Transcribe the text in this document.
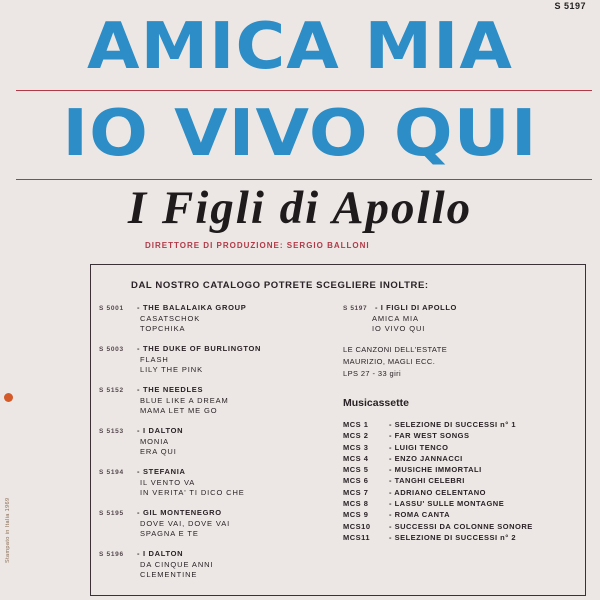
S 5197
AMICA MIA
IO VIVO QUI
I Figli di Apollo
DIRETTORE DI PRODUZIONE: SERGIO BALLONI
Stampato in Italia 1969
DAL NOSTRO CATALOGO POTRETE SCEGLIERE INOLTRE:
S 5001 - THE BALALAIKA GROUP
CASATSCHOK
TOPCHIKA
S 5003 - THE DUKE OF BURLINGTON
FLASH
LILY THE PINK
S 5152 - THE NEEDLES
BLUE LIKE A DREAM
MAMA LET ME GO
S 5153 - I DALTON
MONIA
ERA QUI
S 5194 - STEFANIA
IL VENTO VA
IN VERITA' TI DICO CHE
S 5195 - GIL MONTENEGRO
DOVE VAI, DOVE VAI
SPAGNA E TE
S 5196 - I DALTON
DA CINQUE ANNI
CLEMENTINE
S 5197 - I FIGLI DI APOLLO
AMICA MIA
IO VIVO QUI
LE CANZONI DELL'ESTATE
MAURIZIO, MAGLI ECC.
LPS 27 - 33 giri
Musicassette
MCS 1	- SELEZIONE DI SUCCESSI n° 1
MCS 2	- FAR WEST SONGS
MCS 3	- LUIGI TENCO
MCS 4	- ENZO JANNACCI
MCS 5	- MUSICHE IMMORTALI
MCS 6	- TANGHI CELEBRI
MCS 7	- ADRIANO CELENTANO
MCS 8	- LASSU' SULLE MONTAGNE
MCS 9	- ROMA CANTA
MCS10 - SUCCESSI DA COLONNE SONORE
MCS11	- SELEZIONE DI SUCCESSI n° 2
